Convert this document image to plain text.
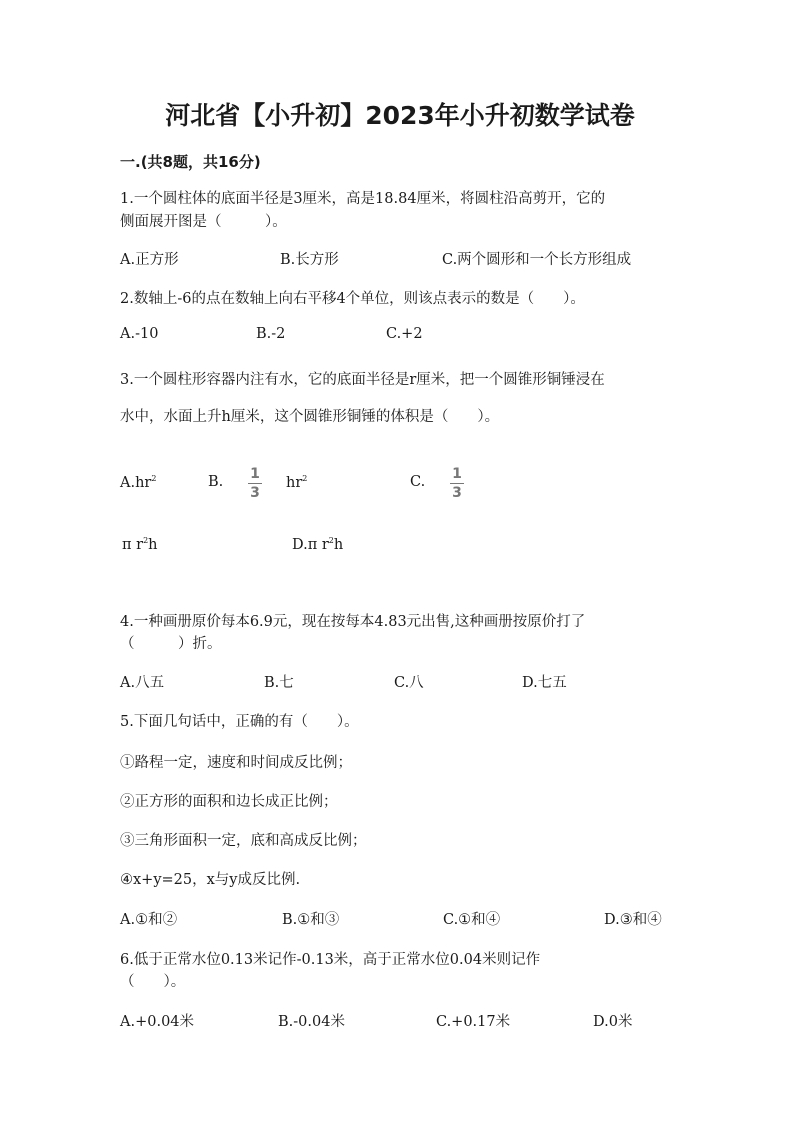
河北省【小升初】2023年小升初数学试卷
一.(共8题，共16分)
1.一个圆柱体的底面半径是3厘米，高是18.84厘米，将圆柱沿高剪开，它的
侧面展开图是（　　　）。
A.正方形	B.长方形	C.两个圆形和一个长方形组成
2.数轴上-6的点在数轴上向右平移4个单位，则该点表示的数是（　　）。
A.-10	B.-2	C.+2
3.一个圆柱形容器内注有水，它的底面半径是r厘米，把一个圆锥形铜锤浸在
水中，水面上升h厘米，这个圆锥形铜锤的体积是（　　）。
$A.hr^2$	B. 1
3
$hr^2$	C. 1
3
π $r^2h$	D.π $r^2h$
4.一种画册原价每本6.9元，现在按每本4.83元出售,这种画册按原价打了
（　　　）折。
A.八五	B.七	C.八	D.七五
5.下面几句话中，正确的有（　　）。
①路程一定，速度和时间成反比例；
②正方形的面积和边长成正比例；
③三角形面积一定，底和高成反比例；
④x+y=25，x与y成反比例.
A.①和②	B.①和③	C.①和④	D.③和④
6.低于正常水位0.13米记作-0.13米，高于正常水位0.04米则记作
（　　）。
A.+0.04米	B.-0.04米	C.+0.17米	D.0米
